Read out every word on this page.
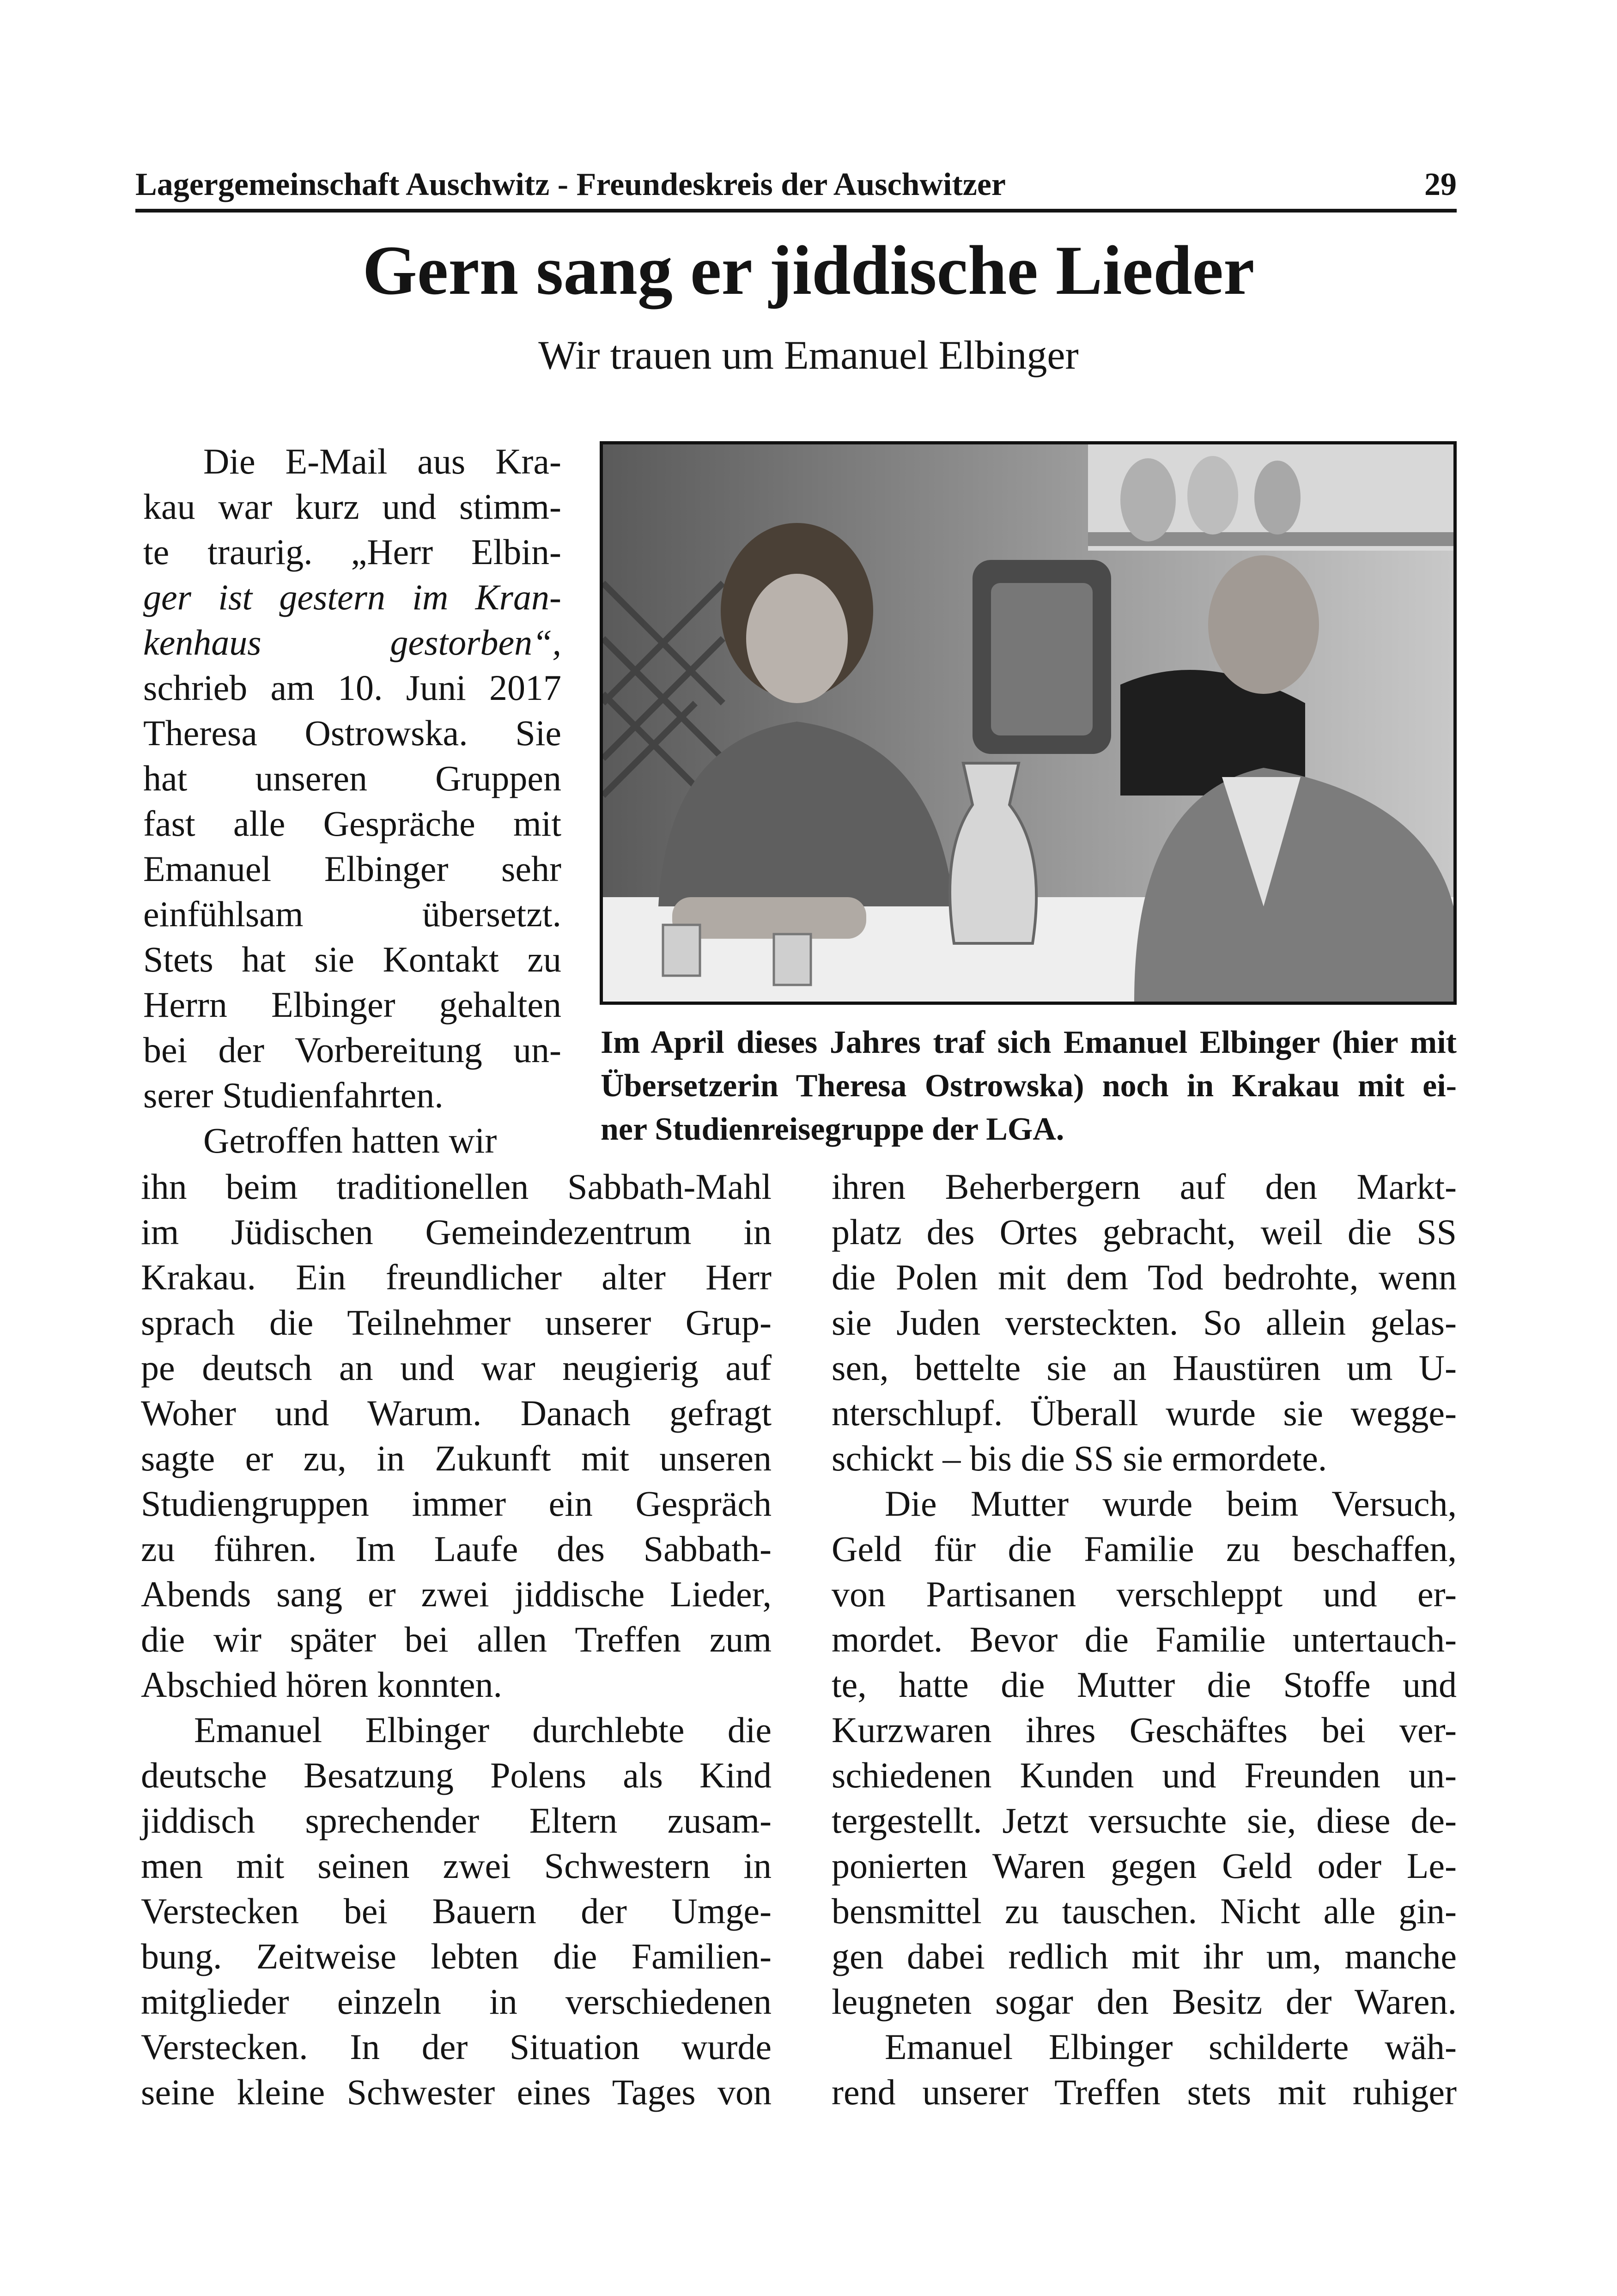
Lagergemeinschaft Auschwitz - Freundeskreis der Auschwitzer	29
Gern sang er jiddische Lieder
Wir trauen um Emanuel Elbinger
Die E-Mail aus Kra-
kau war kurz und stimm-
te traurig. „Herr Elbin-
ger ist gestern im Kran-
kenhaus gestorben“,
schrieb am 10. Juni 2017
Theresa Ostrowska. Sie
hat unseren Gruppen
fast alle Gespräche mit
Emanuel Elbinger sehr
einfühlsam übersetzt.
Stets hat sie Kontakt zu
Herrn Elbinger gehalten
bei der Vorbereitung un-
serer Studienfahrten.
Getroffen hatten wir
Im April dieses Jahres traf sich Emanuel Elbinger (hier mit
Übersetzerin Theresa Ostrowska) noch in Krakau mit ei-
ner Studienreisegruppe der LGA.
ihn beim traditionellen Sabbath-Mahl
im Jüdischen Gemeindezentrum in
Krakau. Ein freundlicher alter Herr
sprach die Teilnehmer unserer Grup-
pe deutsch an und war neugierig auf
Woher und Warum. Danach gefragt
sagte er zu, in Zukunft mit unseren
Studiengruppen immer ein Gespräch
zu führen. Im Laufe des Sabbath-
Abends sang er zwei jiddische Lieder,
die wir später bei allen Treffen zum
Abschied hören konnten.
Emanuel Elbinger durchlebte die
deutsche Besatzung Polens als Kind
jiddisch sprechender Eltern zusam-
men mit seinen zwei Schwestern in
Verstecken bei Bauern der Umge-
bung. Zeitweise lebten die Familien-
mitglieder einzeln in verschiedenen
Verstecken. In der Situation wurde
seine kleine Schwester eines Tages von
ihren Beherbergern auf den Markt-
platz des Ortes gebracht, weil die SS
die Polen mit dem Tod bedrohte, wenn
sie Juden versteckten. So allein gelas-
sen, bettelte sie an Haustüren um U-
nterschlupf. Überall wurde sie wegge-
schickt – bis die SS sie ermordete.
Die Mutter wurde beim Versuch,
Geld für die Familie zu beschaffen,
von Partisanen verschleppt und er-
mordet. Bevor die Familie untertauch-
te, hatte die Mutter die Stoffe und
Kurzwaren ihres Geschäftes bei ver-
schiedenen Kunden und Freunden un-
tergestellt. Jetzt versuchte sie, diese de-
ponierten Waren gegen Geld oder Le-
bensmittel zu tauschen. Nicht alle gin-
gen dabei redlich mit ihr um, manche
leugneten sogar den Besitz der Waren.
Emanuel Elbinger schilderte wäh-
rend unserer Treffen stets mit ruhiger
